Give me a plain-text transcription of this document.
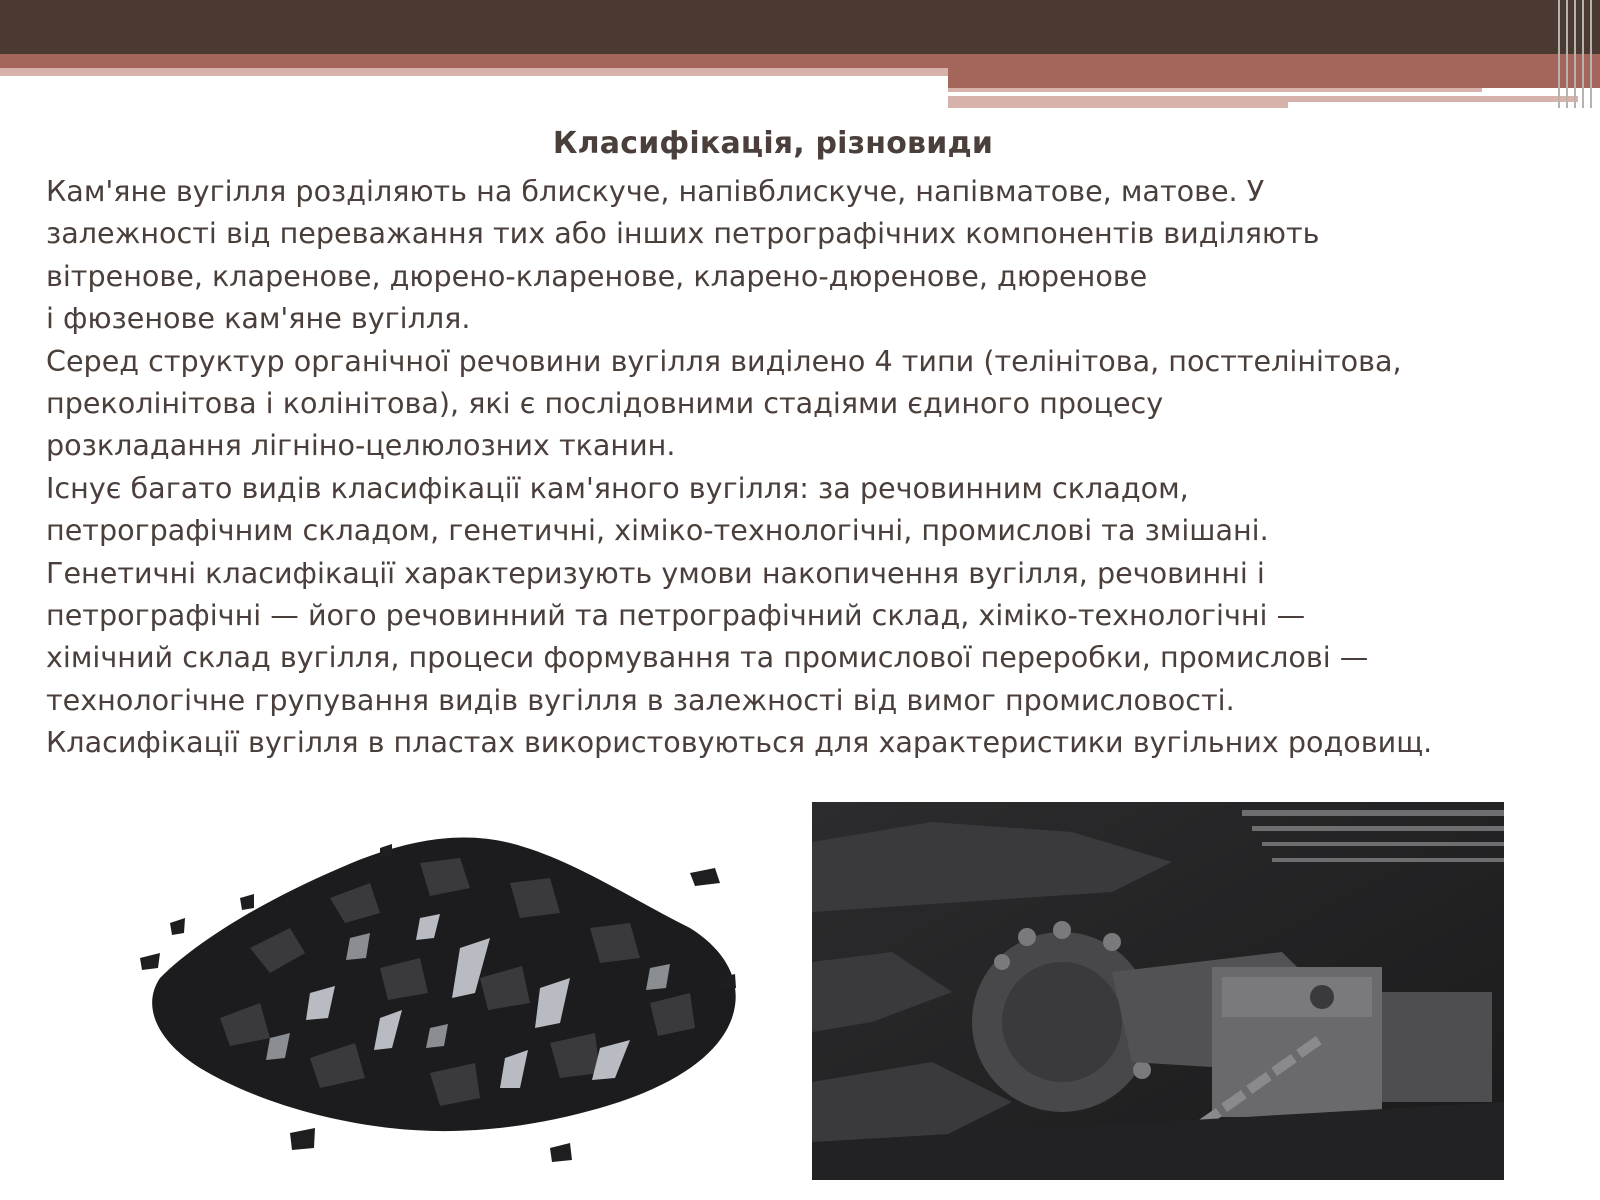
Класифікація, різновиди
Кам'яне вугілля розділяють на блискуче, напівблискуче, напівматове, матове. У
залежності від переважання тих або інших петрографічних компонентів виділяють
вітренове, кларенове, дюрено-кларенове, кларено-дюренове, дюренове
і фюзенове кам'яне вугілля.
Серед структур органічної речовини вугілля виділено 4 типи (телінітова, посттелінітова,
преколінітова і колінітова), які є послідовними стадіями єдиного процесу
розкладання лігніно-целюлозних тканин.
Існує багато видів класифікації кам'яного вугілля: за речовинним складом,
петрографічним складом, генетичні, хіміко-технологічні, промислові та змішані.
Генетичні класифікації характеризують умови накопичення вугілля, речовинні і
петрографічні — його речовинний та петрографічний склад, хіміко-технологічні —
хімічний склад вугілля, процеси формування та промислової переробки, промислові —
технологічне групування видів вугілля в залежності від вимог промисловості.
Класифікації вугілля в пластах використовуються для характеристики вугільних родовищ.
